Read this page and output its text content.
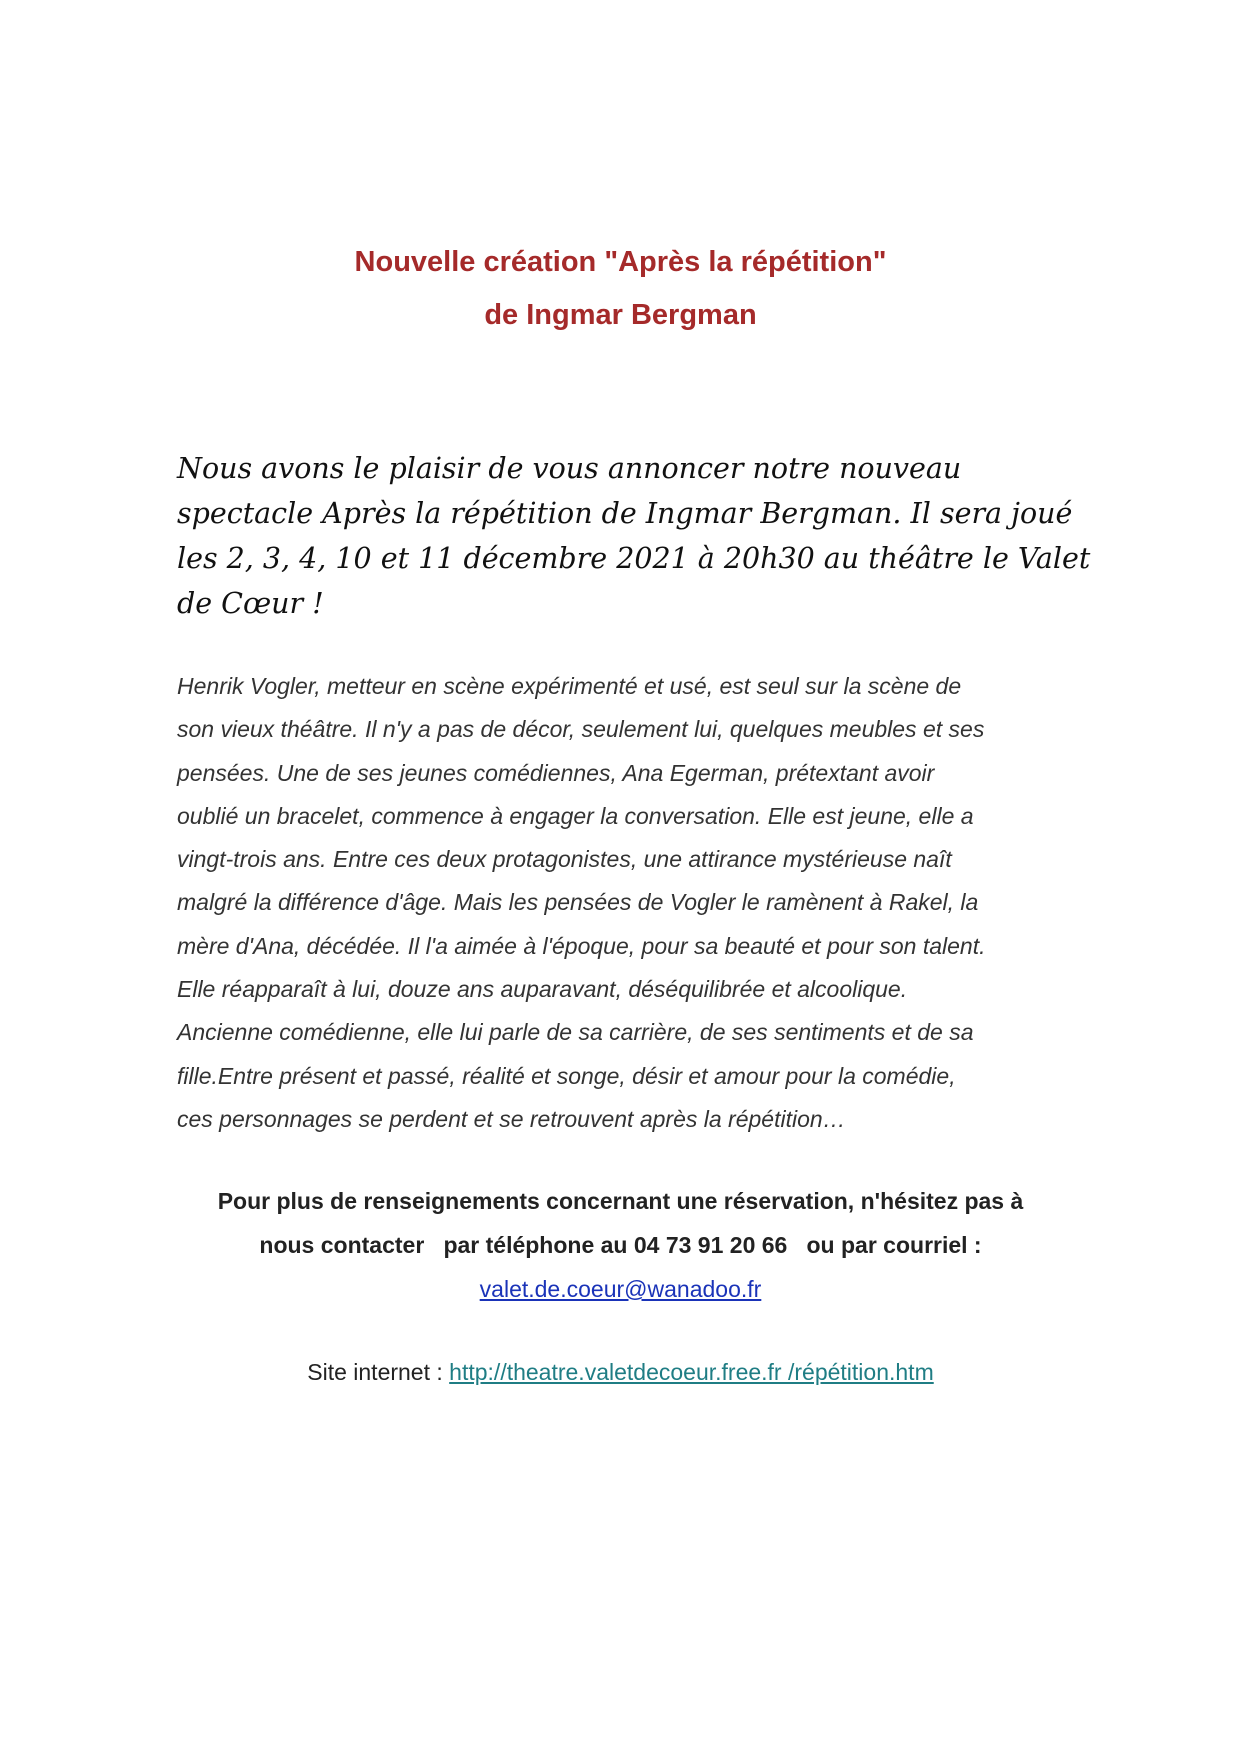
Nouvelle création "Après la répétition"
de Ingmar Bergman
Nous avons le plaisir de vous annoncer notre nouveau
spectacle Après la répétition de Ingmar Bergman. Il sera joué
les 2, 3, 4, 10 et 11 décembre 2021 à 20h30 au théâtre le Valet
de Cœur !
Henrik Vogler, metteur en scène expérimenté et usé, est seul sur la scène de
son vieux théâtre. Il n'y a pas de décor, seulement lui, quelques meubles et ses
pensées. Une de ses jeunes comédiennes, Ana Egerman, prétextant avoir
oublié un bracelet, commence à engager la conversation. Elle est jeune, elle a
vingt-trois ans. Entre ces deux protagonistes, une attirance mystérieuse naît
malgré la différence d'âge. Mais les pensées de Vogler le ramènent à Rakel, la
mère d'Ana, décédée. Il l'a aimée à l'époque, pour sa beauté et pour son talent.
Elle réapparaît à lui, douze ans auparavant, déséquilibrée et alcoolique.
Ancienne comédienne, elle lui parle de sa carrière, de ses sentiments et de sa
fille.Entre présent et passé, réalité et songe, désir et amour pour la comédie,
ces personnages se perdent et se retrouvent après la répétition…
Pour plus de renseignements concernant une réservation, n'hésitez pas à
nous contacter   par téléphone au 04 73 91 20 66   ou par courriel :
valet.de.coeur@wanadoo.fr
Site internet : http://theatre.valetdecoeur.free.fr /répétition.htm
